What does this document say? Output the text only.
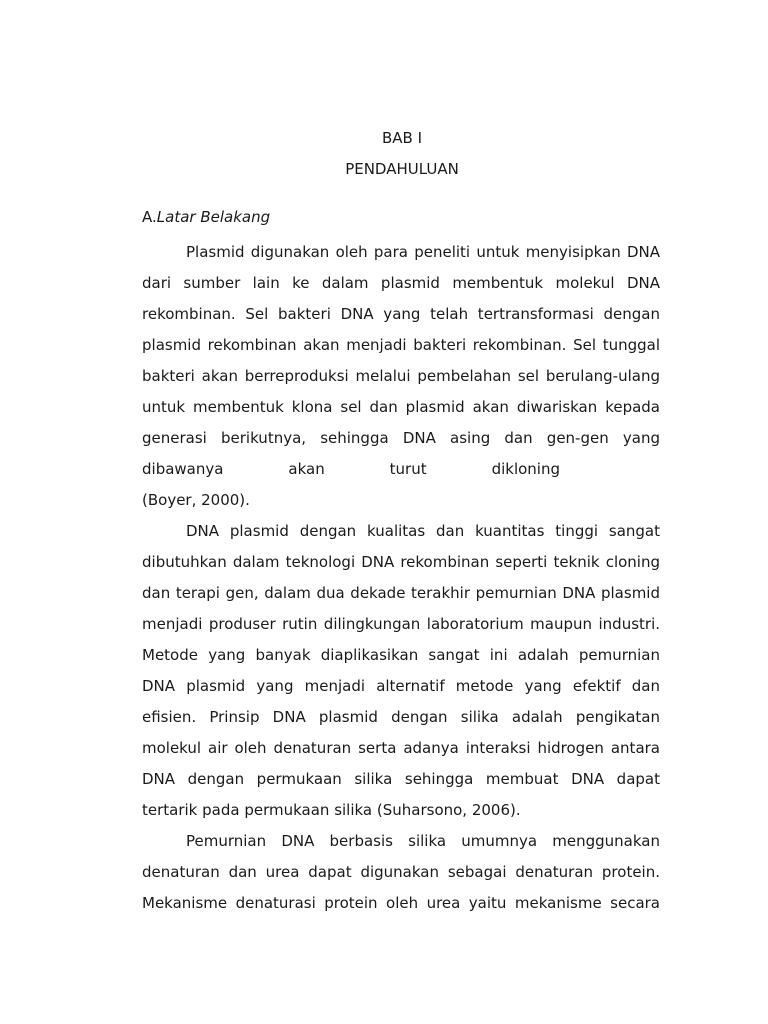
BAB I
PENDAHULUAN
A.Latar Belakang
Plasmid digunakan oleh para peneliti untuk menyisipkan DNA
dari sumber lain ke dalam plasmid membentuk molekul DNA
rekombinan. Sel bakteri DNA yang telah tertransformasi dengan
plasmid rekombinan akan menjadi bakteri rekombinan. Sel tunggal
bakteri akan berreproduksi melalui pembelahan sel berulang-ulang
untuk membentuk klona sel dan plasmid akan diwariskan kepada
generasi berikutnya, sehingga DNA asing dan gen-gen yang
dibawanya akan turut dikloning
(Boyer, 2000).
DNA plasmid dengan kualitas dan kuantitas tinggi sangat
dibutuhkan dalam teknologi DNA rekombinan seperti teknik cloning
dan terapi gen, dalam dua dekade terakhir pemurnian DNA plasmid
menjadi produser rutin dilingkungan laboratorium maupun industri.
Metode yang banyak diaplikasikan sangat ini adalah pemurnian
DNA plasmid yang menjadi alternatif metode yang efektif dan
efisien. Prinsip DNA plasmid dengan silika adalah pengikatan
molekul air oleh denaturan serta adanya interaksi hidrogen antara
DNA dengan permukaan silika sehingga membuat DNA dapat
tertarik pada permukaan silika (Suharsono, 2006).
Pemurnian DNA berbasis silika umumnya menggunakan
denaturan dan urea dapat digunakan sebagai denaturan protein.
Mekanisme denaturasi protein oleh urea yaitu mekanisme secara
